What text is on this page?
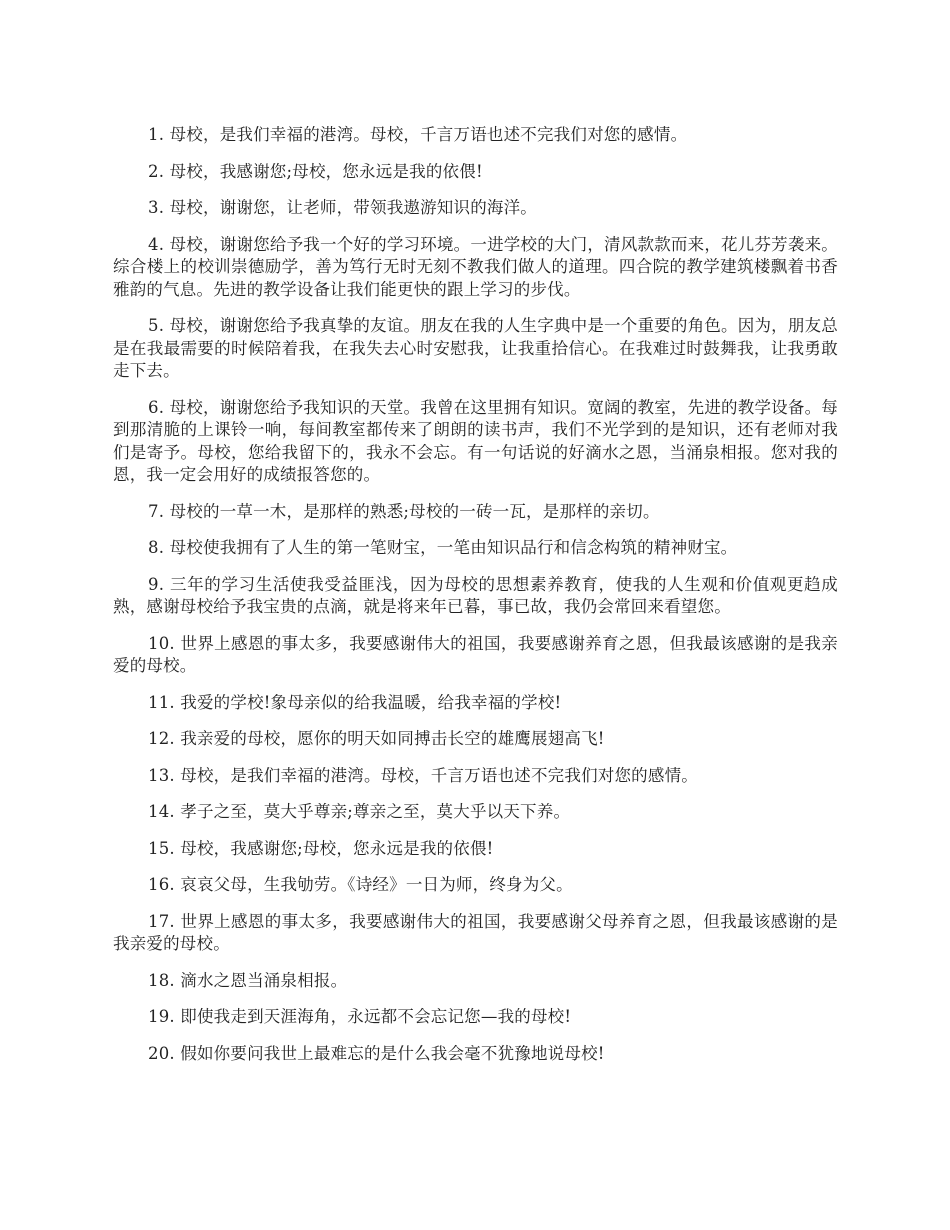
1. 母校，是我们幸福的港湾。母校，千言万语也述不完我们对您的感情。

2. 母校，我感谢您;母校，您永远是我的依偎!

3. 母校，谢谢您，让老师，带领我遨游知识的海洋。

4. 母校，谢谢您给予我一个好的学习环境。一进学校的大门，清风款款而来，花儿芬芳袭来。综合楼上的校训崇德励学，善为笃行无时无刻不教我们做人的道理。四合院的教学建筑楼飘着书香雅韵的气息。先进的教学设备让我们能更快的跟上学习的步伐。

5. 母校，谢谢您给予我真挚的友谊。朋友在我的人生字典中是一个重要的角色。因为，朋友总是在我最需要的时候陪着我，在我失去心时安慰我，让我重拾信心。在我难过时鼓舞我，让我勇敢走下去。

6. 母校，谢谢您给予我知识的天堂。我曾在这里拥有知识。宽阔的教室，先进的教学设备。每到那清脆的上课铃一响，每间教室都传来了朗朗的读书声，我们不光学到的是知识，还有老师对我们是寄予。母校，您给我留下的，我永不会忘。有一句话说的好滴水之恩，当涌泉相报。您对我的恩，我一定会用好的成绩报答您的。

7. 母校的一草一木，是那样的熟悉;母校的一砖一瓦，是那样的亲切。

8. 母校使我拥有了人生的第一笔财宝，一笔由知识品行和信念构筑的精神财宝。

9. 三年的学习生活使我受益匪浅，因为母校的思想素养教育，使我的人生观和价值观更趋成熟，感谢母校给予我宝贵的点滴，就是将来年已暮，事已故，我仍会常回来看望您。

10. 世界上感恩的事太多，我要感谢伟大的祖国，我要感谢养育之恩，但我最该感谢的是我亲爱的母校。

11. 我爱的学校!象母亲似的给我温暖，给我幸福的学校!

12. 我亲爱的母校，愿你的明天如同搏击长空的雄鹰展翅高飞!

13. 母校，是我们幸福的港湾。母校，千言万语也述不完我们对您的感情。

14. 孝子之至，莫大乎尊亲;尊亲之至，莫大乎以天下养。

15. 母校，我感谢您;母校，您永远是我的依偎!

16. 哀哀父母，生我劬劳。《诗经》一日为师，终身为父。

17. 世界上感恩的事太多，我要感谢伟大的祖国，我要感谢父母养育之恩，但我最该感谢的是我亲爱的母校。

18. 滴水之恩当涌泉相报。

19. 即使我走到天涯海角，永远都不会忘记您—我的母校!

20. 假如你要问我世上最难忘的是什么我会毫不犹豫地说母校!
